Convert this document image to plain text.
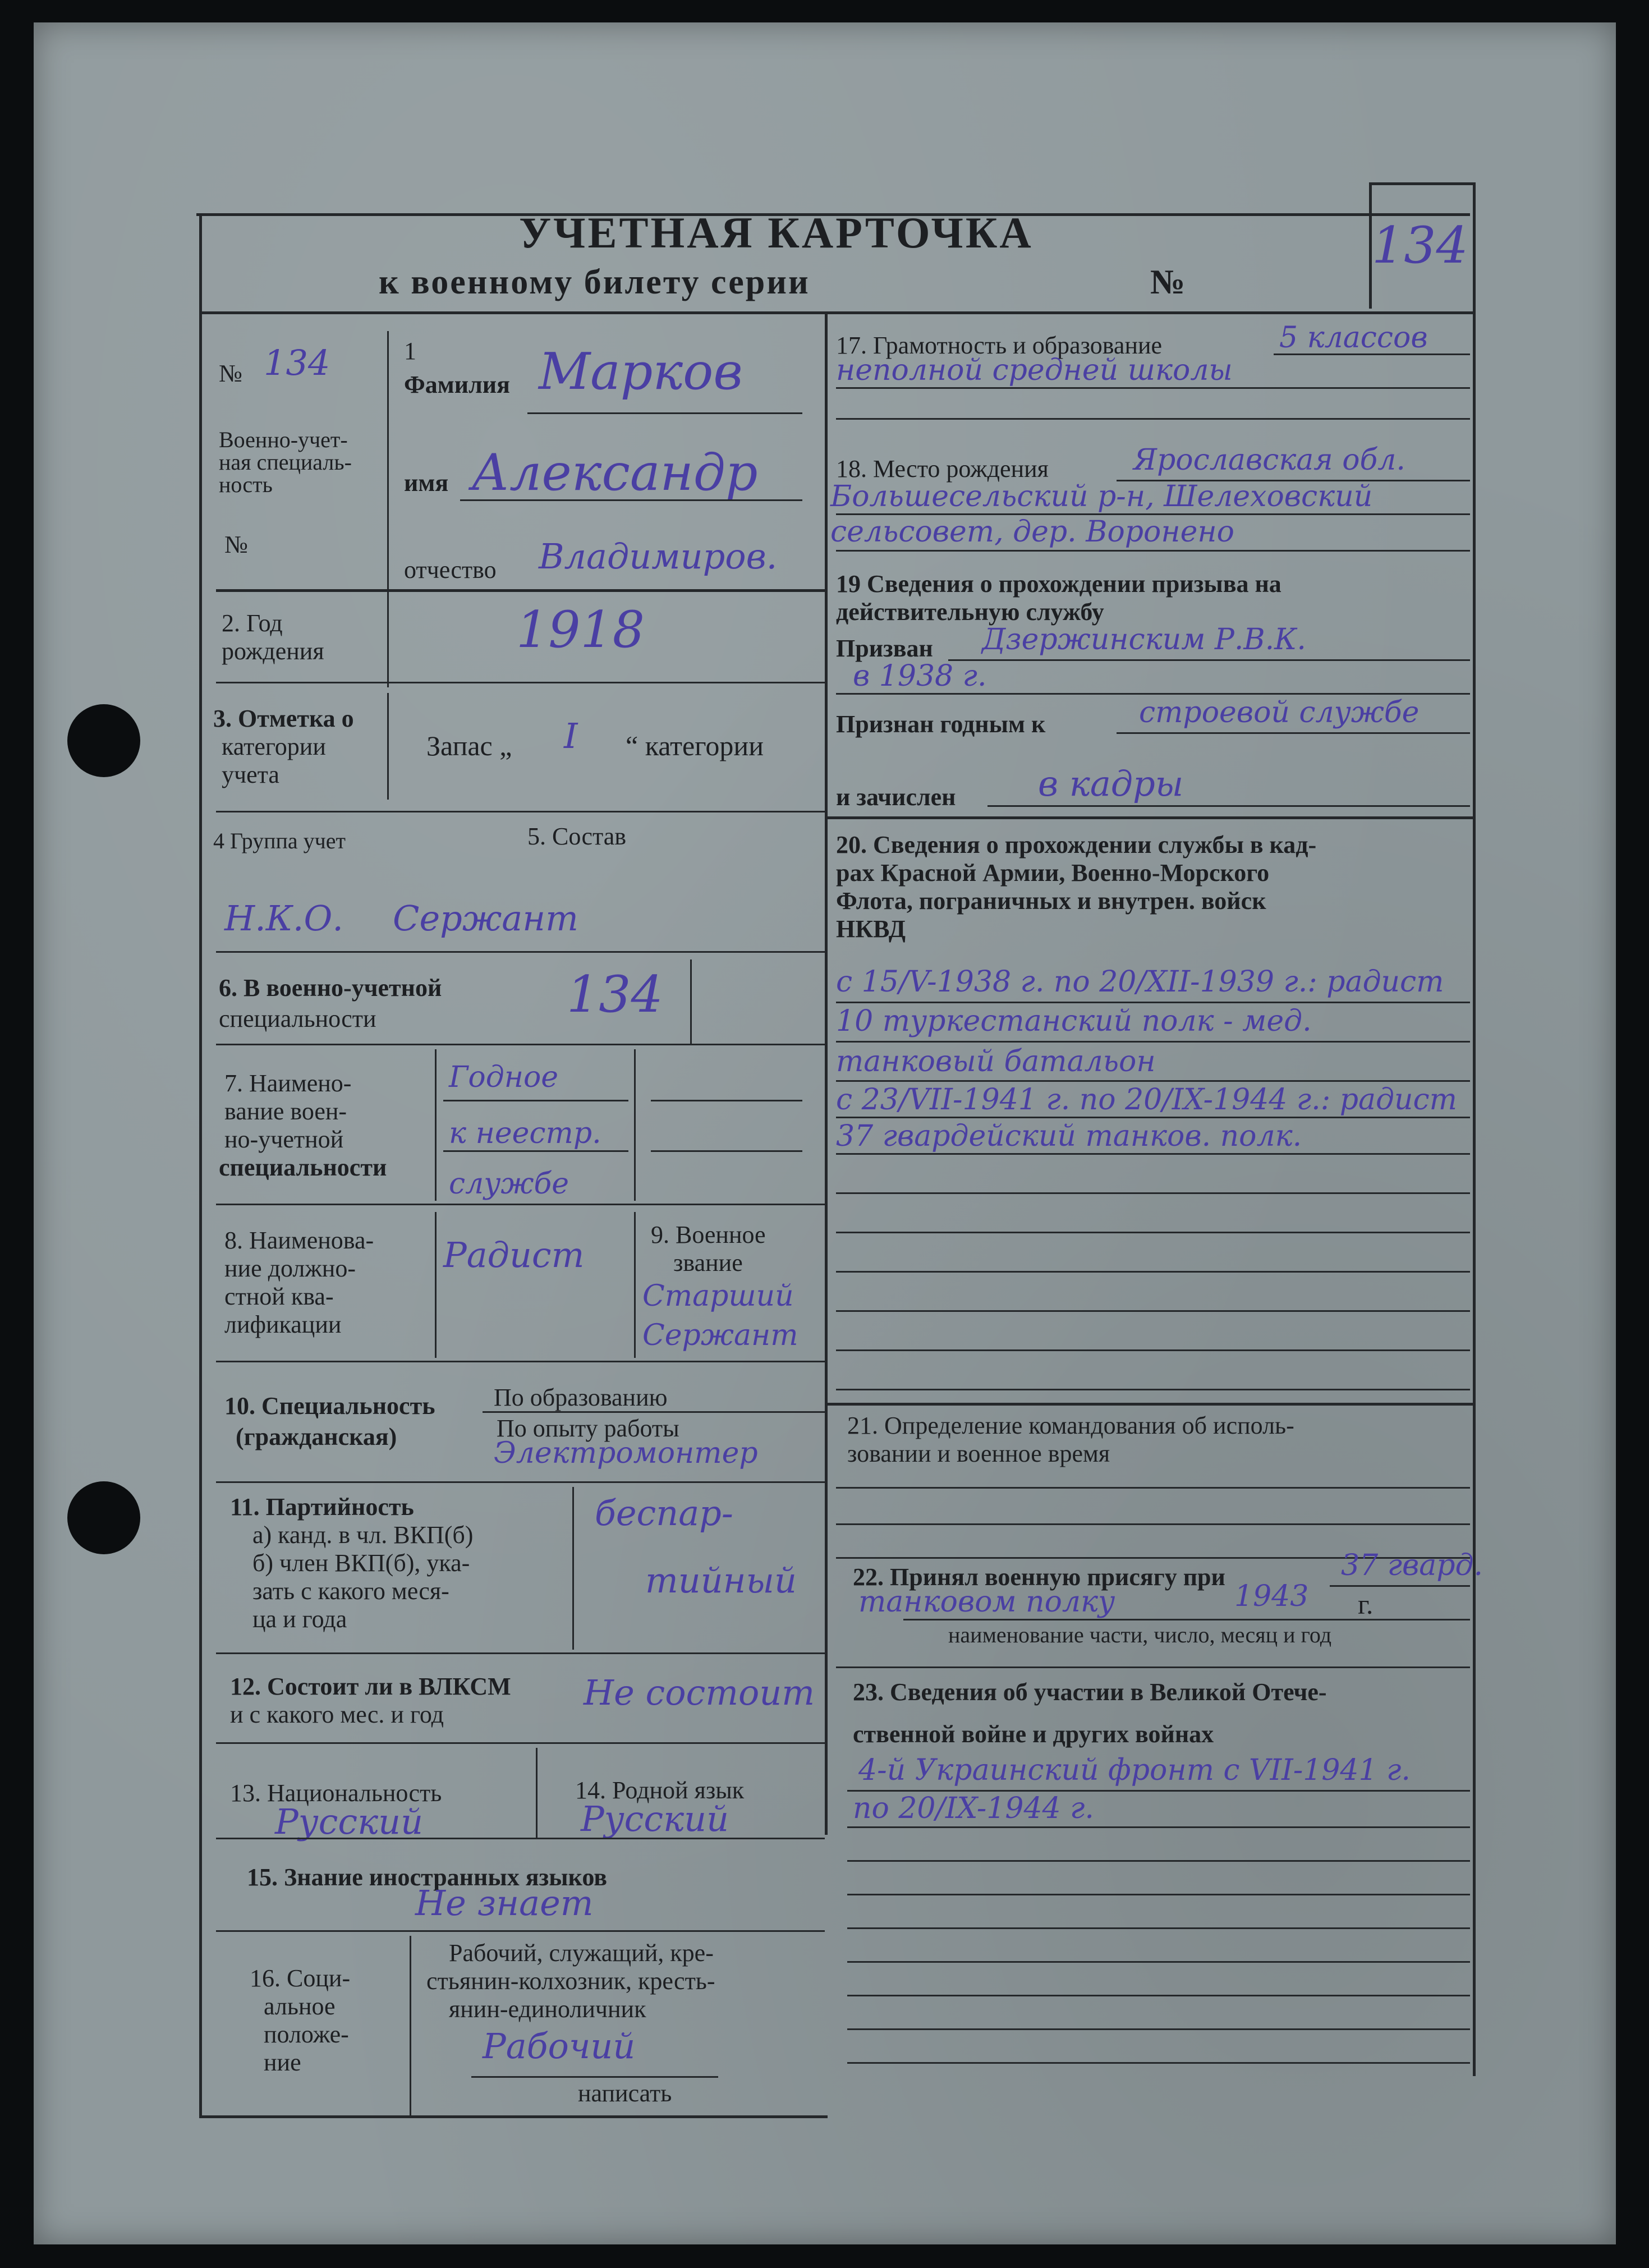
УЧЕТНАЯ КАРТОЧКА
к военному билету серии	№
134
№ 134
Военно-учет-
ная специаль-
ность
№
1
Фамилия Марков
имя Александр
отчество Владимиров.
2. Год
рождения	1918
3. Отметка о
категории
учета
Запас „ I “ категории
4 Группа учет	5. Состав
Н.К.О. Сержант
6. В военно-учетной
специальности	134
7. Наимено-
вание воен-
но-учетной
специальности
Годное
к неестр.
службе
8. Наименова-
ние должно-
стной ква-
лификации
Радист	9. Военное
звание
Старший
Сержант
10. Специальность
(гражданская)
По образованию
По опыту работы
Электромонтер
11. Партийность
а) канд. в чл. ВКП(б)
б) член ВКП(б), ука-
зать с какого меся-
ца и года
беспар-
тийный
12. Состоит ли в ВЛКСМ
и с какого мес. и год
Не состоит
13. Национальность
Русский
14. Родной язык
Русский
15. Знание иностранных языков
Не знает
16. Соци-
альное
положе-
ние
Рабочий, служащий, кре-
стьянин-колхозник, кресть-
янин-единоличник
Рабочий
написать
17. Грамотность и образование	5 классов
неполной средней школы
18. Место рождения	Ярославская обл.
Большесельский р-н, Шелеховский
сельсовет, дер. Воронено
19 Сведения о прохождении призыва на
действительную службу
Призван Дзержинским Р.В.К.
в 1938 г.
Признан годным к	строевой службе
и зачислен в кадры
20. Сведения о прохождении службы в кад-
рах Красной Армии, Военно-Морского
Флота, пограничных и внутрен. войск
НКВД
с 15/V-1938 г. по 20/XII-1939 г.: радист
10 туркестанский полк - мед.
танковый батальон
с 23/VII-1941 г. по 20/IX-1944 г.: радист
37 гвардейский танков. полк.
21. Определение командования об исполь-
зовании и военное время
22. Принял военную присягу при	37 гвард.
танковом полку	1943 г.
наименование части, число, месяц и год
23. Сведения об участии в Великой Отече-
ственной войне и других войнах
4-й Украинский фронт с VII-1941 г.
по 20/IX-1944 г.
